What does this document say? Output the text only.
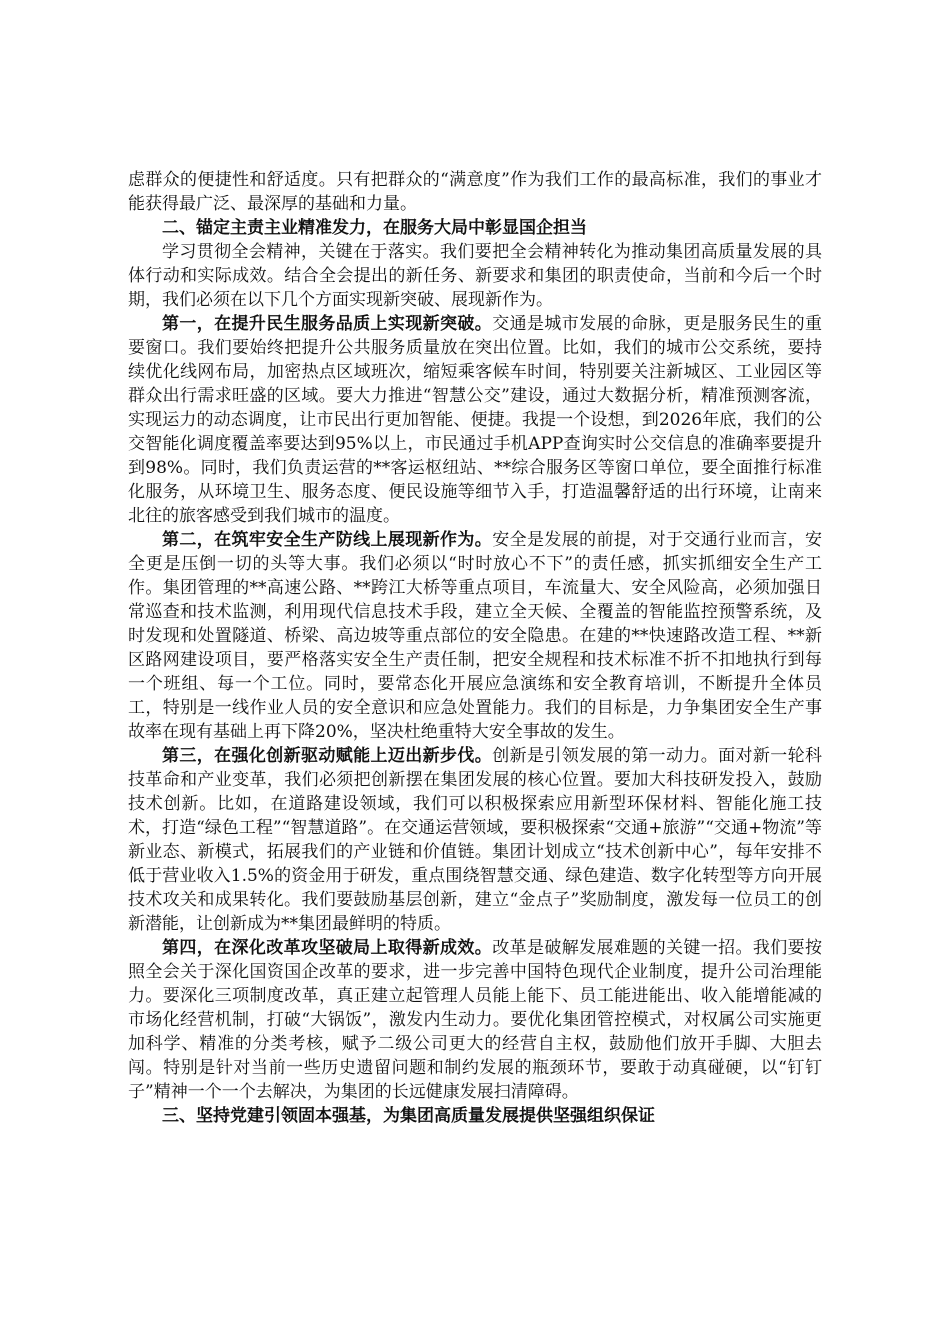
虑群众的便捷性和舒适度。只有把群众的“满意度”作为我们工作的最高标准，我们的事业才能获得最广泛、最深厚的基础和力量。

二、锚定主责主业精准发力，在服务大局中彰显国企担当

学习贯彻全会精神，关键在于落实。我们要把全会精神转化为推动集团高质量发展的具体行动和实际成效。结合全会提出的新任务、新要求和集团的职责使命，当前和今后一个时期，我们必须在以下几个方面实现新突破、展现新作为。

第一，在提升民生服务品质上实现新突破。交通是城市发展的命脉，更是服务民生的重要窗口。我们要始终把提升公共服务质量放在突出位置。比如，我们的城市公交系统，要持续优化线网布局，加密热点区域班次，缩短乘客候车时间，特别要关注新城区、工业园区等群众出行需求旺盛的区域。要大力推进“智慧公交”建设，通过大数据分析，精准预测客流，实现运力的动态调度，让市民出行更加智能、便捷。我提一个设想，到2026年底，我们的公交智能化调度覆盖率要达到95%以上，市民通过手机APP查询实时公交信息的准确率要提升到98%。同时，我们负责运营的**客运枢纽站、**综合服务区等窗口单位，要全面推行标准化服务，从环境卫生、服务态度、便民设施等细节入手，打造温馨舒适的出行环境，让南来北往的旅客感受到我们城市的温度。

第二，在筑牢安全生产防线上展现新作为。安全是发展的前提，对于交通行业而言，安全更是压倒一切的头等大事。我们必须以“时时放心不下”的责任感，抓实抓细安全生产工作。集团管理的**高速公路、**跨江大桥等重点项目，车流量大、安全风险高，必须加强日常巡查和技术监测，利用现代信息技术手段，建立全天候、全覆盖的智能监控预警系统，及时发现和处置隧道、桥梁、高边坡等重点部位的安全隐患。在建的**快速路改造工程、**新区路网建设项目，要严格落实安全生产责任制，把安全规程和技术标准不折不扣地执行到每一个班组、每一个工位。同时，要常态化开展应急演练和安全教育培训，不断提升全体员工，特别是一线作业人员的安全意识和应急处置能力。我们的目标是，力争集团安全生产事故率在现有基础上再下降20%，坚决杜绝重特大安全事故的发生。

第三，在强化创新驱动赋能上迈出新步伐。创新是引领发展的第一动力。面对新一轮科技革命和产业变革，我们必须把创新摆在集团发展的核心位置。要加大科技研发投入，鼓励技术创新。比如，在道路建设领域，我们可以积极探索应用新型环保材料、智能化施工技术，打造“绿色工程”“智慧道路”。在交通运营领域，要积极探索“交通+旅游”“交通+物流”等新业态、新模式，拓展我们的产业链和价值链。集团计划成立“技术创新中心”，每年安排不低于营业收入1.5%的资金用于研发，重点围绕智慧交通、绿色建造、数字化转型等方向开展技术攻关和成果转化。我们要鼓励基层创新，建立“金点子”奖励制度，激发每一位员工的创新潜能，让创新成为**集团最鲜明的特质。

第四，在深化改革攻坚破局上取得新成效。改革是破解发展难题的关键一招。我们要按照全会关于深化国资国企改革的要求，进一步完善中国特色现代企业制度，提升公司治理能力。要深化三项制度改革，真正建立起管理人员能上能下、员工能进能出、收入能增能减的市场化经营机制，打破“大锅饭”，激发内生动力。要优化集团管控模式，对权属公司实施更加科学、精准的分类考核，赋予二级公司更大的经营自主权，鼓励他们放开手脚、大胆去闯。特别是针对当前一些历史遗留问题和制约发展的瓶颈环节，要敢于动真碰硬，以“钉钉子”精神一个一个去解决，为集团的长远健康发展扫清障碍。

三、坚持党建引领固本强基，为集团高质量发展提供坚强组织保证
